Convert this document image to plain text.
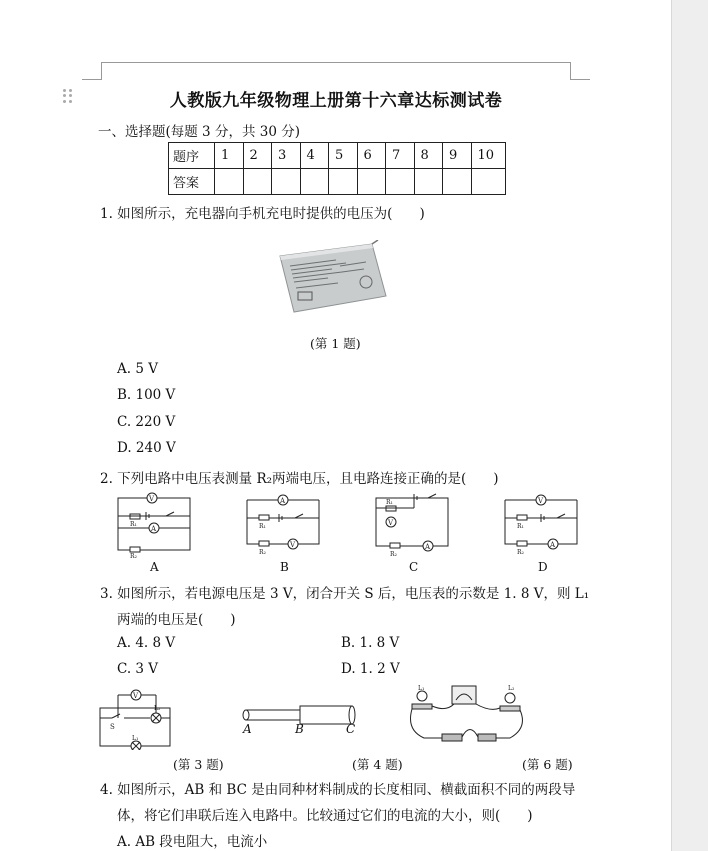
人教版九年级物理上册第十六章达标测试卷
一、选择题(每题 3 分，共 30 分)
题序	1	2	3	4	5	6	7	8	9	10
答案										
1. 如图所示，充电器向手机充电时提供的电压为(　　)
(第 1 题)
A. 5 V
B. 100 V
C. 220 V
D. 240 V
2. 下列电路中电压表测量 R₂两端电压，且电路连接正确的是(　　)
V
A
R₁
R₂
A
V
R₁
R₂
V
A
R₁
R₂
V
A
R₁
R₂
A	B	C	D
3. 如图所示，若电源电压是 3 V，闭合开关 S 后，电压表的示数是 1. 8 V，则 L₁
两端的电压是(　　)
A. 4. 8 V	B. 1. 8 V
C. 3 V	D. 1. 2 V
V
S
L₂
L₁
(第 3 题)
A	B	C
(第 4 题)
L₁	L₂
(第 6 题)
4. 如图所示，AB 和 BC 是由同种材料制成的长度相同、横截面积不同的两段导
体，将它们串联后连入电路中。比较通过它们的电流的大小，则(　　)
A. AB 段电阻大，电流小
